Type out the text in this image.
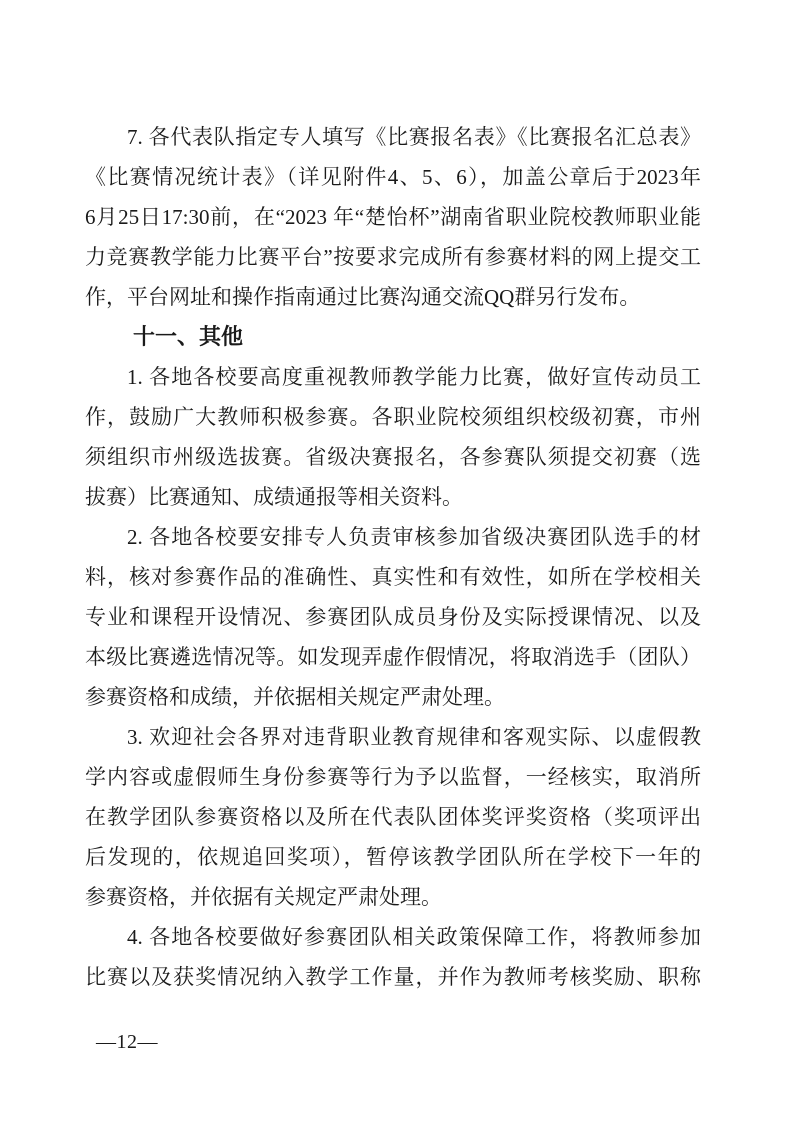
7. 各代表队指定专人填写《比赛报名表》《比赛报名汇总表》
《比赛情况统计表》（详见附件4、5、6），加盖公章后于2023年
6月25日17:30前，在“2023 年“楚怡杯”湖南省职业院校教师职业能
力竞赛教学能力比赛平台”按要求完成所有参赛材料的网上提交工
作，平台网址和操作指南通过比赛沟通交流QQ群另行发布。
十一、其他
1. 各地各校要高度重视教师教学能力比赛，做好宣传动员工
作，鼓励广大教师积极参赛。各职业院校须组织校级初赛，市州
须组织市州级选拔赛。省级决赛报名，各参赛队须提交初赛（选
拔赛）比赛通知、成绩通报等相关资料。
2. 各地各校要安排专人负责审核参加省级决赛团队选手的材
料，核对参赛作品的准确性、真实性和有效性，如所在学校相关
专业和课程开设情况、参赛团队成员身份及实际授课情况、以及
本级比赛遴选情况等。如发现弄虚作假情况，将取消选手（团队）
参赛资格和成绩，并依据相关规定严肃处理。
3. 欢迎社会各界对违背职业教育规律和客观实际、以虚假教
学内容或虚假师生身份参赛等行为予以监督，一经核实，取消所
在教学团队参赛资格以及所在代表队团体奖评奖资格（奖项评出
后发现的，依规追回奖项），暂停该教学团队所在学校下一年的
参赛资格，并依据有关规定严肃处理。
4. 各地各校要做好参赛团队相关政策保障工作，将教师参加
比赛以及获奖情况纳入教学工作量，并作为教师考核奖励、职称
—12—
